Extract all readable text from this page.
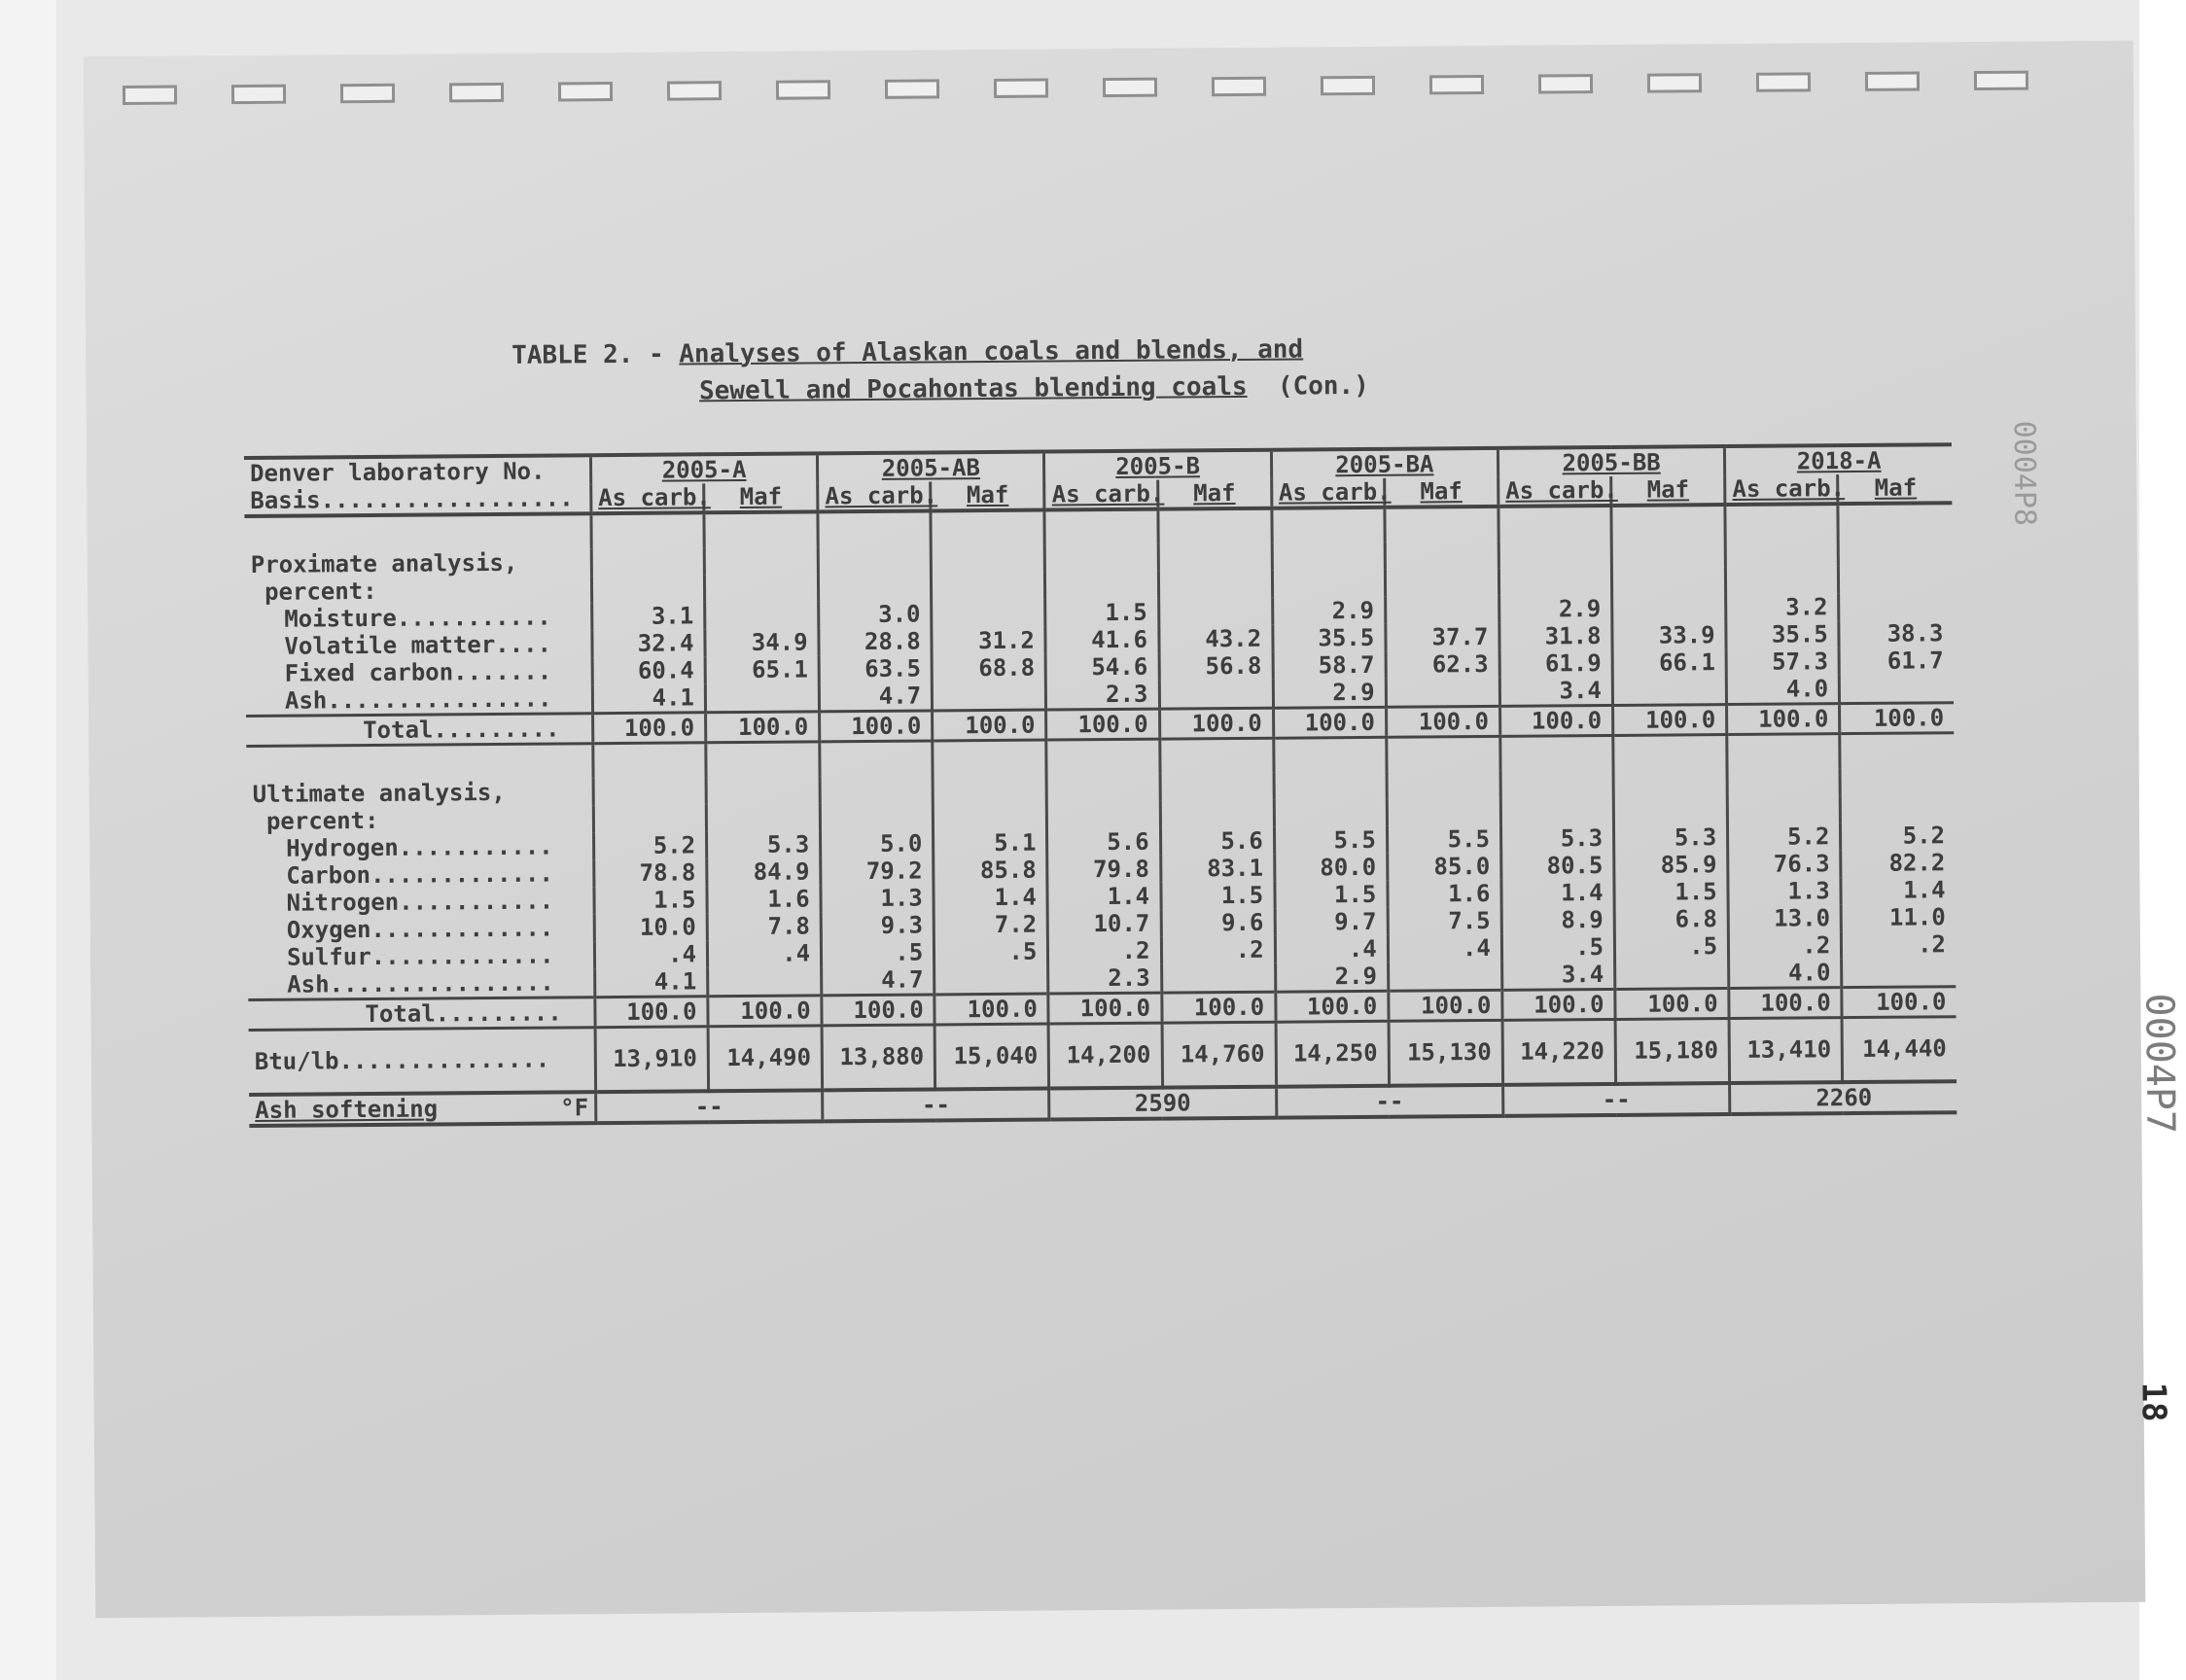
TABLE 2. - Analyses of Alaskan coals and blends, and
Sewell and Pocahontas blending coals (Con.)
Denver laboratory No.	2005-A		2005-AB		2005-B		2005-BA		2005-BB		2018-A	
Basis..................	As carb.	Maf	As carb.	Maf	As carb.	Maf	As carb.	Maf	As carb.	Maf	As carb.	Maf

Proximate analysis,												
percent:												
Moisture...........	3.1		3.0		1.5		2.9		2.9		3.2	
Volatile matter....	32.4	34.9	28.8	31.2	41.6	43.2	35.5	37.7	31.8	33.9	35.5	38.3
Fixed carbon.......	60.4	65.1	63.5	68.8	54.6	56.8	58.7	62.3	61.9	66.1	57.3	61.7
Ash................	4.1		4.7		2.3		2.9		3.4		4.0	
Total.........	100.0	100.0	100.0	100.0	100.0	100.0	100.0	100.0	100.0	100.0	100.0	100.0

Ultimate analysis,												
percent:												
Hydrogen...........	5.2	5.3	5.0	5.1	5.6	5.6	5.5	5.5	5.3	5.3	5.2	5.2
Carbon.............	78.8	84.9	79.2	85.8	79.8	83.1	80.0	85.0	80.5	85.9	76.3	82.2
Nitrogen...........	1.5	1.6	1.3	1.4	1.4	1.5	1.5	1.6	1.4	1.5	1.3	1.4
Oxygen.............	10.0	7.8	9.3	7.2	10.7	9.6	9.7	7.5	8.9	6.8	13.0	11.0
Sulfur.............	.4	.4	.5	.5	.2	.2	.4	.4	.5	.5	.2	.2
Ash................	4.1		4.7		2.3		2.9		3.4		4.0	
Total.........	100.0	100.0	100.0	100.0	100.0	100.0	100.0	100.0	100.0	100.0	100.0	100.0
Btu/lb...............	13,910	14,490	13,880	15,040	14,200	14,760	14,250	15,130	14,220	15,180	13,410	14,440
Ash softening °F	--		--		2590		--		--		2260	
0004P8
0004P7
18
